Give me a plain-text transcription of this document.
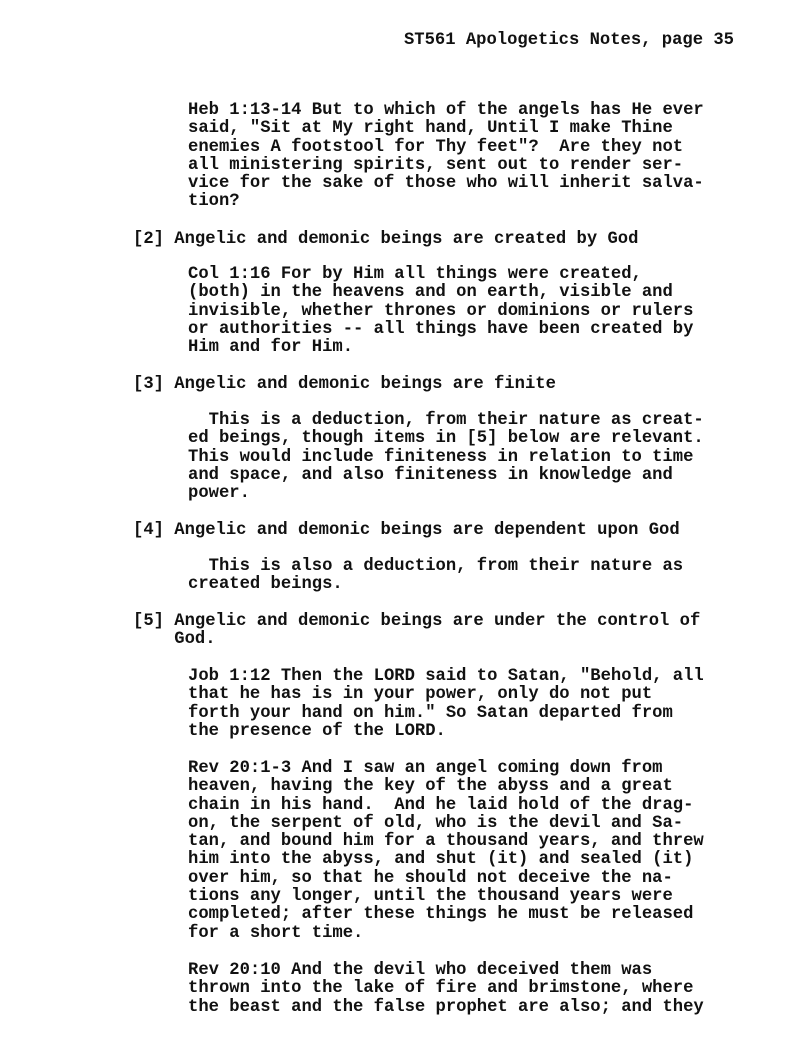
ST561 Apologetics Notes, page 35

Heb 1:13-14 But to which of the angels has He ever
said, "Sit at My right hand, Until I make Thine
enemies A footstool for Thy feet"?  Are they not
all ministering spirits, sent out to render ser-
vice for the sake of those who will inherit salva-
tion?

[2] Angelic and demonic beings are created by God

Col 1:16 For by Him all things were created,
(both) in the heavens and on earth, visible and
invisible, whether thrones or dominions or rulers
or authorities -- all things have been created by
Him and for Him.

[3] Angelic and demonic beings are finite

This is a deduction, from their nature as creat-
ed beings, though items in [5] below are relevant.
This would include finiteness in relation to time
and space, and also finiteness in knowledge and
power.

[4] Angelic and demonic beings are dependent upon God

This is also a deduction, from their nature as
created beings.

[5] Angelic and demonic beings are under the control of
God.

Job 1:12 Then the LORD said to Satan, "Behold, all
that he has is in your power, only do not put
forth your hand on him." So Satan departed from
the presence of the LORD.

Rev 20:1-3 And I saw an angel coming down from
heaven, having the key of the abyss and a great
chain in his hand.  And he laid hold of the drag-
on, the serpent of old, who is the devil and Sa-
tan, and bound him for a thousand years, and threw
him into the abyss, and shut (it) and sealed (it)
over him, so that he should not deceive the na-
tions any longer, until the thousand years were
completed; after these things he must be released
for a short time.

Rev 20:10 And the devil who deceived them was
thrown into the lake of fire and brimstone, where
the beast and the false prophet are also; and they
